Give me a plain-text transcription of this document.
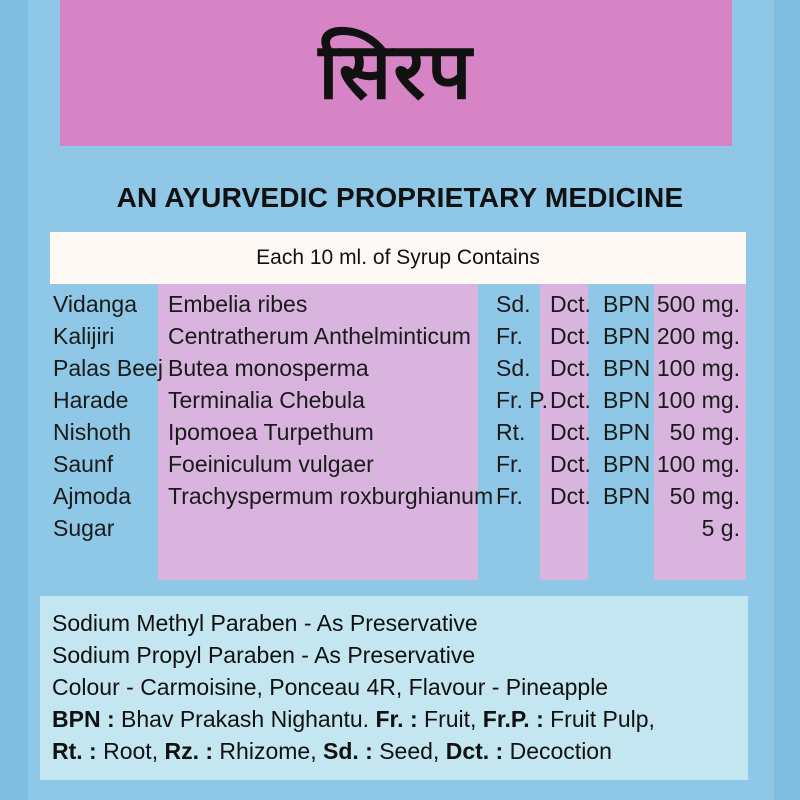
सिरप
AN AYURVEDIC PROPRIETARY MEDICINE
Each 10 ml. of Syrup Contains
Vidanga Embelia ribes	Sd. Dct. BPN 500 mg.
Kalijiri Centratherum Anthelminticum Fr. Dct. BPN 200 mg.
Palas Beej Butea monosperma	Sd. Dct. BPN 100 mg.
Harade Terminalia Chebula	Fr. P. Dct. BPN 100 mg.
Nishoth Ipomoea Turpethum	Rt. Dct. BPN 50 mg.
Saunf Foeiniculum vulgaer	Fr. Dct. BPN 100 mg.
Ajmoda Trachyspermum roxburghianum Fr. Dct. BPN 50 mg.
Sugar	5 g.
Sodium Methyl Paraben - As Preservative
Sodium Propyl Paraben - As Preservative
Colour - Carmoisine, Ponceau 4R, Flavour - Pineapple
BPN : Bhav Prakash Nighantu. Fr. : Fruit, Fr.P. : Fruit Pulp,
Rt. : Root, Rz. : Rhizome, Sd. : Seed, Dct. : Decoction
